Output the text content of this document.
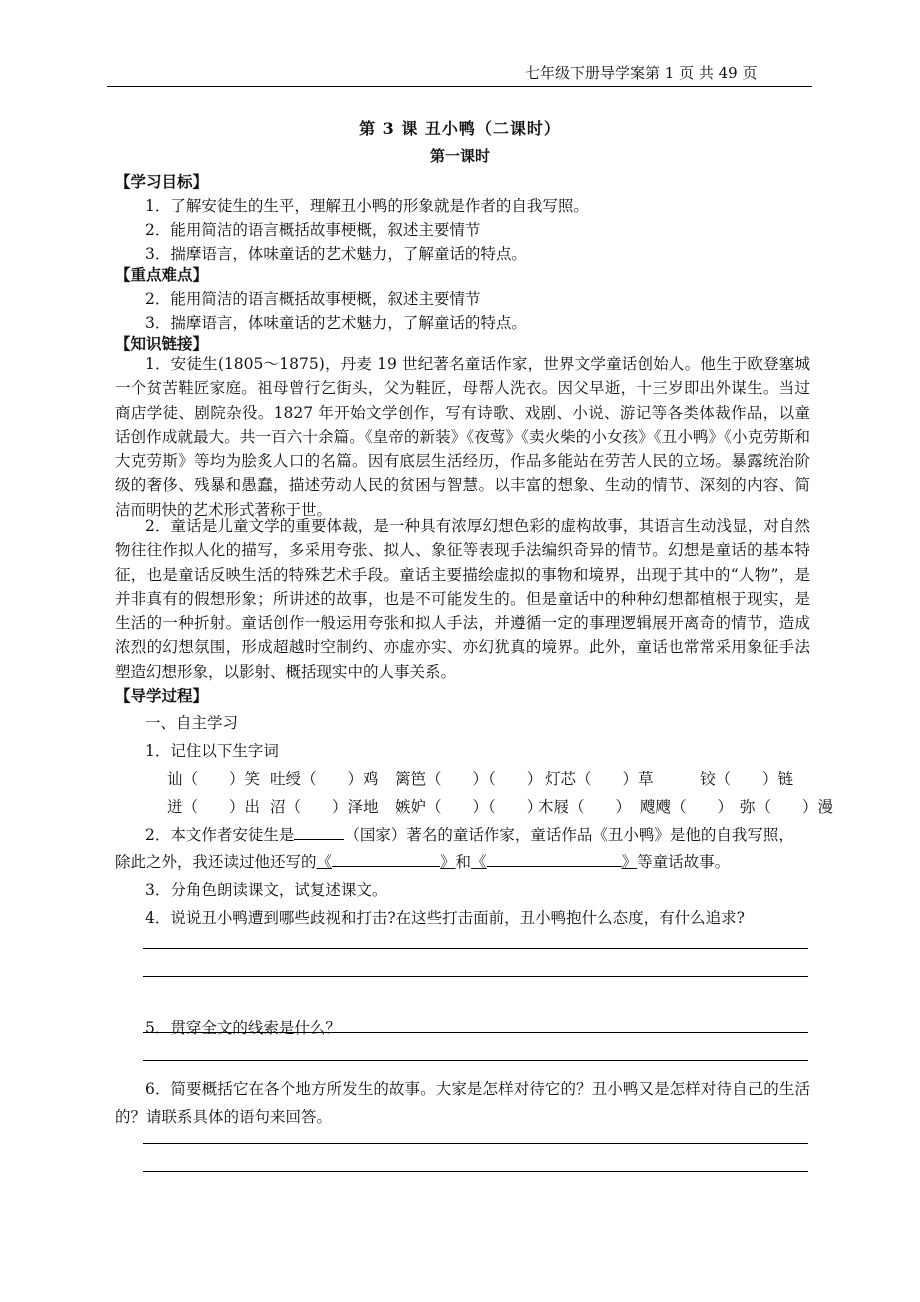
七年级下册导学案第 1 页 共 49 页
第 3 课 丑小鸭（二课时）
第一课时
【学习目标】
1．了解安徒生的生平，理解丑小鸭的形象就是作者的自我写照。
2．能用简洁的语言概括故事梗概，叙述主要情节
3．揣摩语言，体味童话的艺术魅力，了解童话的特点。
【重点难点】
2．能用简洁的语言概括故事梗概，叙述主要情节
3．揣摩语言，体味童话的艺术魅力，了解童话的特点。
【知识链接】
1．安徒生(1805～1875)，丹麦 19 世纪著名童话作家，世界文学童话创始人。他生于欧登塞城一个贫苦鞋匠家庭。祖母曾行乞街头，父为鞋匠，母帮人洗衣。因父早逝，十三岁即出外谋生。当过商店学徒、剧院杂役。1827 年开始文学创作，写有诗歌、戏剧、小说、游记等各类体裁作品，以童话创作成就最大。共一百六十余篇。《皇帝的新装》《夜莺》《卖火柴的小女孩》《丑小鸭》《小克劳斯和大克劳斯》等均为脍炙人口的名篇。因有底层生活经历，作品多能站在劳苦人民的立场。暴露统治阶级的奢侈、残暴和愚蠢，描述劳动人民的贫困与智慧。以丰富的想象、生动的情节、深刻的内容、简洁而明快的艺术形式著称于世。
2．童话是儿童文学的重要体裁，是一种具有浓厚幻想色彩的虚构故事，其语言生动浅显，对自然物往往作拟人化的描写，多采用夸张、拟人、象征等表现手法编织奇异的情节。幻想是童话的基本特征，也是童话反映生活的特殊艺术手段。童话主要描绘虚拟的事物和境界，出现于其中的“人物”，是并非真有的假想形象；所讲述的故事，也是不可能发生的。但是童话中的种种幻想都植根于现实，是生活的一种折射。童话创作一般运用夸张和拟人手法，并遵循一定的事理逻辑展开离奇的情节，造成浓烈的幻想氛围，形成超越时空制约、亦虚亦实、亦幻犹真的境界。此外，童话也常常采用象征手法塑造幻想形象，以影射、概括现实中的人事关系。
【导学过程】
一、自主学习
1．记住以下生字词
讪（　　）笑 吐绶（　　）鸡 篱笆（　　）（　　） 灯芯（　　）草	铰（　　）链
迸（　　）出 沼（　　）泽地 嫉妒（　　）（　　）
木屐（　　） 飕飕（　　） 弥（　　）漫
2．本文作者安徒生是	（国家）著名的童话作家，童话作品《丑小鸭》是他的自我写照，
除此之外，我还读过他还写的《	》和《	》等童话故事。
3．分角色朗读课文，试复述课文。
4．说说丑小鸭遭到哪些歧视和打击?在这些打击面前，丑小鸭抱什么态度，有什么追求?
5．贯穿全文的线索是什么？
6．简要概括它在各个地方所发生的故事。大家是怎样对待它的？丑小鸭又是怎样对待自己的生活的？请联系具体的语句来回答。
